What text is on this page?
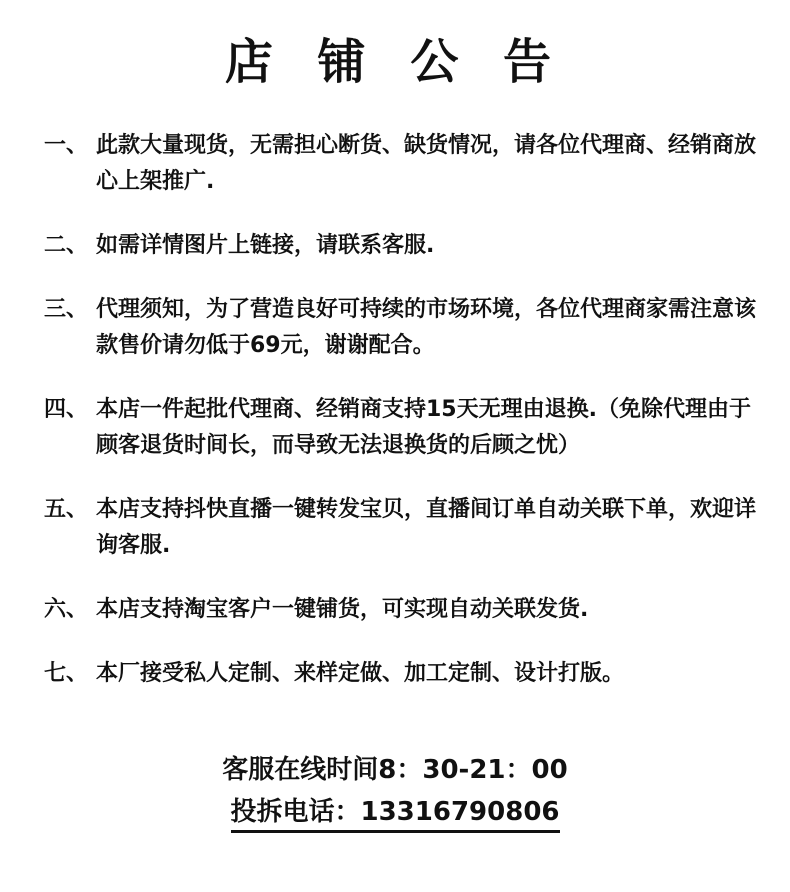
店 铺 公 告
一、 此款大量现货，无需担心断货、缺货情况，请各位代理商、经销商放心上架推广.
二、 如需详情图片上链接，请联系客服.
三、 代理须知，为了营造良好可持续的市场环境，各位代理商家需注意该款售价请勿低于69元，谢谢配合。
四、 本店一件起批代理商、经销商支持15天无理由退换.（免除代理由于顾客退货时间长，而导致无法退换货的后顾之忧）
五、 本店支持抖快直播一键转发宝贝，直播间订单自动关联下单，欢迎详询客服.
六、 本店支持淘宝客户一键铺货，可实现自动关联发货.
七、 本厂接受私人定制、来样定做、加工定制、设计打版。
客服在线时间8：30-21：00
投拆电话：13316790806
